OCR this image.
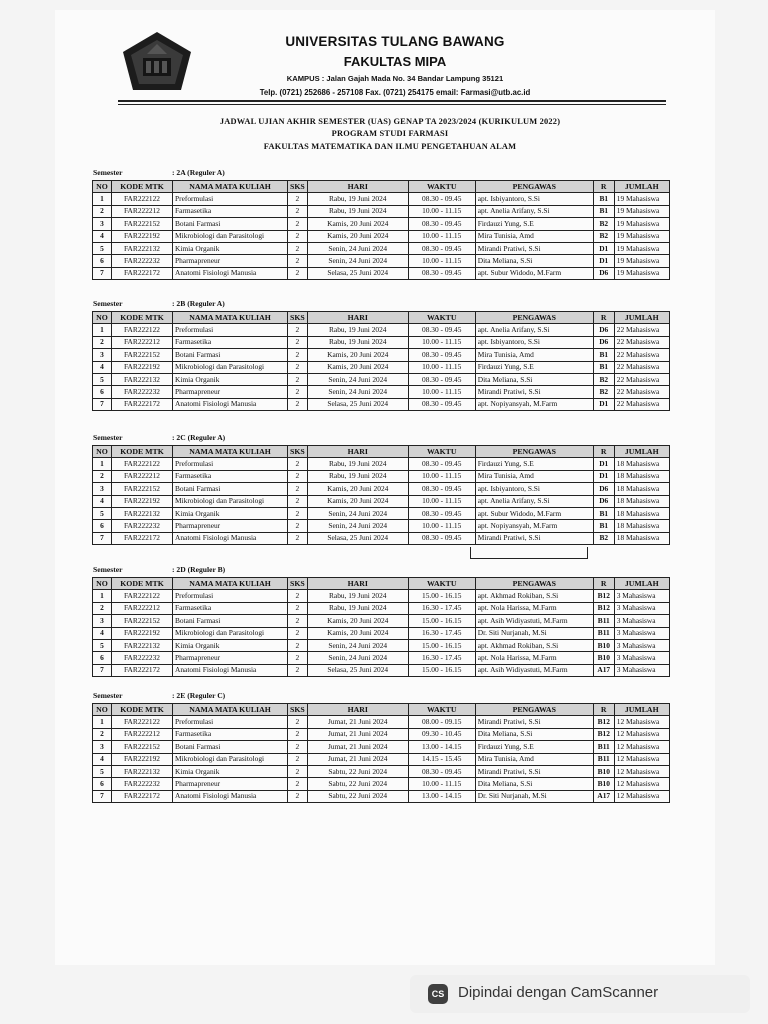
UNIVERSITAS TULANG BAWANG
FAKULTAS MIPA
KAMPUS : Jalan Gajah Mada No. 34 Bandar Lampung 35121
Telp. (0721) 252686 - 257108 Fax. (0721) 254175 email: Farmasi@utb.ac.id
JADWAL UJIAN AKHIR SEMESTER (UAS) GENAP TA 2023/2024 (KURIKULUM 2022)
PROGRAM STUDI FARMASI
FAKULTAS MATEMATIKA DAN ILMU PENGETAHUAN ALAM
Semester	: 2A (Reguler A)
NO	KODE MTK	NAMA MATA KULIAH	SKS	HARI	WAKTU	PENGAWAS	R	JUMLAH
1	FAR222122	Preformulasi	2	Rabu, 19 Juni 2024	08.30 - 09.45	apt. Isbiyantoro, S.Si	B1	19 Mahasiswa
2	FAR222212	Farmasetika	2	Rabu, 19 Juni 2024	10.00 - 11.15	apt. Anelia Arifany, S.Si	B1	19 Mahasiswa
3	FAR222152	Botani Farmasi	2	Kamis, 20 Juni 2024	08.30 - 09.45	Firdauzi Yung, S.E	B2	19 Mahasiswa
4	FAR222192	Mikrobiologi dan Parasitologi	2	Kamis, 20 Juni 2024	10.00 - 11.15	Mira Tunisia, Amd	B2	19 Mahasiswa
5	FAR222132	Kimia Organik	2	Senin, 24 Juni 2024	08.30 - 09.45	Mirandi Pratiwi, S.Si	D1	19 Mahasiswa
6	FAR222232	Pharmapreneur	2	Senin, 24 Juni 2024	10.00 - 11.15	Dita Meliana, S.Si	D1	19 Mahasiswa
7	FAR222172	Anatomi Fisiologi Manusia	2	Selasa, 25 Juni 2024	08.30 - 09.45	apt. Subur Widodo, M.Farm	D6	19 Mahasiswa
Semester	: 2B (Reguler A)
NO	KODE MTK	NAMA MATA KULIAH	SKS	HARI	WAKTU	PENGAWAS	R	JUMLAH
1	FAR222122	Preformulasi	2	Rabu, 19 Juni 2024	08.30 - 09.45	apt. Anelia Arifany, S.Si	D6	22 Mahasiswa
2	FAR222212	Farmasetika	2	Rabu, 19 Juni 2024	10.00 - 11.15	apt. Isbiyantoro, S.Si	D6	22 Mahasiswa
3	FAR222152	Botani Farmasi	2	Kamis, 20 Juni 2024	08.30 - 09.45	Mira Tunisia, Amd	B1	22 Mahasiswa
4	FAR222192	Mikrobiologi dan Parasitologi	2	Kamis, 20 Juni 2024	10.00 - 11.15	Firdauzi Yung, S.E	B1	22 Mahasiswa
5	FAR222132	Kimia Organik	2	Senin, 24 Juni 2024	08.30 - 09.45	Dita Meliana, S.Si	B2	22 Mahasiswa
6	FAR222232	Pharmapreneur	2	Senin, 24 Juni 2024	10.00 - 11.15	Mirandi Pratiwi, S.Si	B2	22 Mahasiswa
7	FAR222172	Anatomi Fisiologi Manusia	2	Selasa, 25 Juni 2024	08.30 - 09.45	apt. Nopiyansyah, M.Farm	D1	22 Mahasiswa
Semester	: 2C (Reguler A)
NO	KODE MTK	NAMA MATA KULIAH	SKS	HARI	WAKTU	PENGAWAS	R	JUMLAH
1	FAR222122	Preformulasi	2	Rabu, 19 Juni 2024	08.30 - 09.45	Firdauzi Yung, S.E	D1	18 Mahasiswa
2	FAR222212	Farmasetika	2	Rabu, 19 Juni 2024	10.00 - 11.15	Mira Tunisia, Amd	D1	18 Mahasiswa
3	FAR222152	Botani Farmasi	2	Kamis, 20 Juni 2024	08.30 - 09.45	apt. Isbiyantoro, S.Si	D6	18 Mahasiswa
4	FAR222192	Mikrobiologi dan Parasitologi	2	Kamis, 20 Juni 2024	10.00 - 11.15	apt. Anelia Arifany, S.Si	D6	18 Mahasiswa
5	FAR222132	Kimia Organik	2	Senin, 24 Juni 2024	08.30 - 09.45	apt. Subur Widodo, M.Farm	B1	18 Mahasiswa
6	FAR222232	Pharmapreneur	2	Senin, 24 Juni 2024	10.00 - 11.15	apt. Nopiyansyah, M.Farm	B1	18 Mahasiswa
7	FAR222172	Anatomi Fisiologi Manusia	2	Selasa, 25 Juni 2024	08.30 - 09.45	Mirandi Pratiwi, S.Si	B2	18 Mahasiswa
Semester	: 2D (Reguler B)
NO	KODE MTK	NAMA MATA KULIAH	SKS	HARI	WAKTU	PENGAWAS	R	JUMLAH
1	FAR222122	Preformulasi	2	Rabu, 19 Juni 2024	15.00 - 16.15	apt. Akhmad Rokiban, S.Si	B12	3 Mahasiswa
2	FAR222212	Farmasetika	2	Rabu, 19 Juni 2024	16.30 - 17.45	apt. Nola Harissa, M.Farm	B12	3 Mahasiswa
3	FAR222152	Botani Farmasi	2	Kamis, 20 Juni 2024	15.00 - 16.15	apt. Asih Widiyastuti, M.Farm	B11	3 Mahasiswa
4	FAR222192	Mikrobiologi dan Parasitologi	2	Kamis, 20 Juni 2024	16.30 - 17.45	Dr. Siti Nurjanah, M.Si	B11	3 Mahasiswa
5	FAR222132	Kimia Organik	2	Senin, 24 Juni 2024	15.00 - 16.15	apt. Akhmad Rokiban, S.Si	B10	3 Mahasiswa
6	FAR222232	Pharmapreneur	2	Senin, 24 Juni 2024	16.30 - 17.45	apt. Nola Harissa, M.Farm	B10	3 Mahasiswa
7	FAR222172	Anatomi Fisiologi Manusia	2	Selasa, 25 Juni 2024	15.00 - 16.15	apt. Asih Widiyastuti, M.Farm	A17	3 Mahasiswa
Semester	: 2E (Reguler C)
NO	KODE MTK	NAMA MATA KULIAH	SKS	HARI	WAKTU	PENGAWAS	R	JUMLAH
1	FAR222122	Preformulasi	2	Jumat, 21 Juni 2024	08.00 - 09.15	Mirandi Pratiwi, S.Si	B12	12 Mahasiswa
2	FAR222212	Farmasetika	2	Jumat, 21 Juni 2024	09.30 - 10.45	Dita Meliana, S.Si	B12	12 Mahasiswa
3	FAR222152	Botani Farmasi	2	Jumat, 21 Juni 2024	13.00 - 14.15	Firdauzi Yung, S.E	B11	12 Mahasiswa
4	FAR222192	Mikrobiologi dan Parasitologi	2	Jumat, 21 Juni 2024	14.15 - 15.45	Mira Tunisia, Amd	B11	12 Mahasiswa
5	FAR222132	Kimia Organik	2	Sabtu, 22 Juni 2024	08.30 - 09.45	Mirandi Pratiwi, S.Si	B10	12 Mahasiswa
6	FAR222232	Pharmapreneur	2	Sabtu, 22 Juni 2024	10.00 - 11.15	Dita Meliana, S.Si	B10	12 Mahasiswa
7	FAR222172	Anatomi Fisiologi Manusia	2	Sabtu, 22 Juni 2024	13.00 - 14.15	Dr. Siti Nurjanah, M.Si	A17	12 Mahasiswa
CS Dipindai dengan CamScanner
